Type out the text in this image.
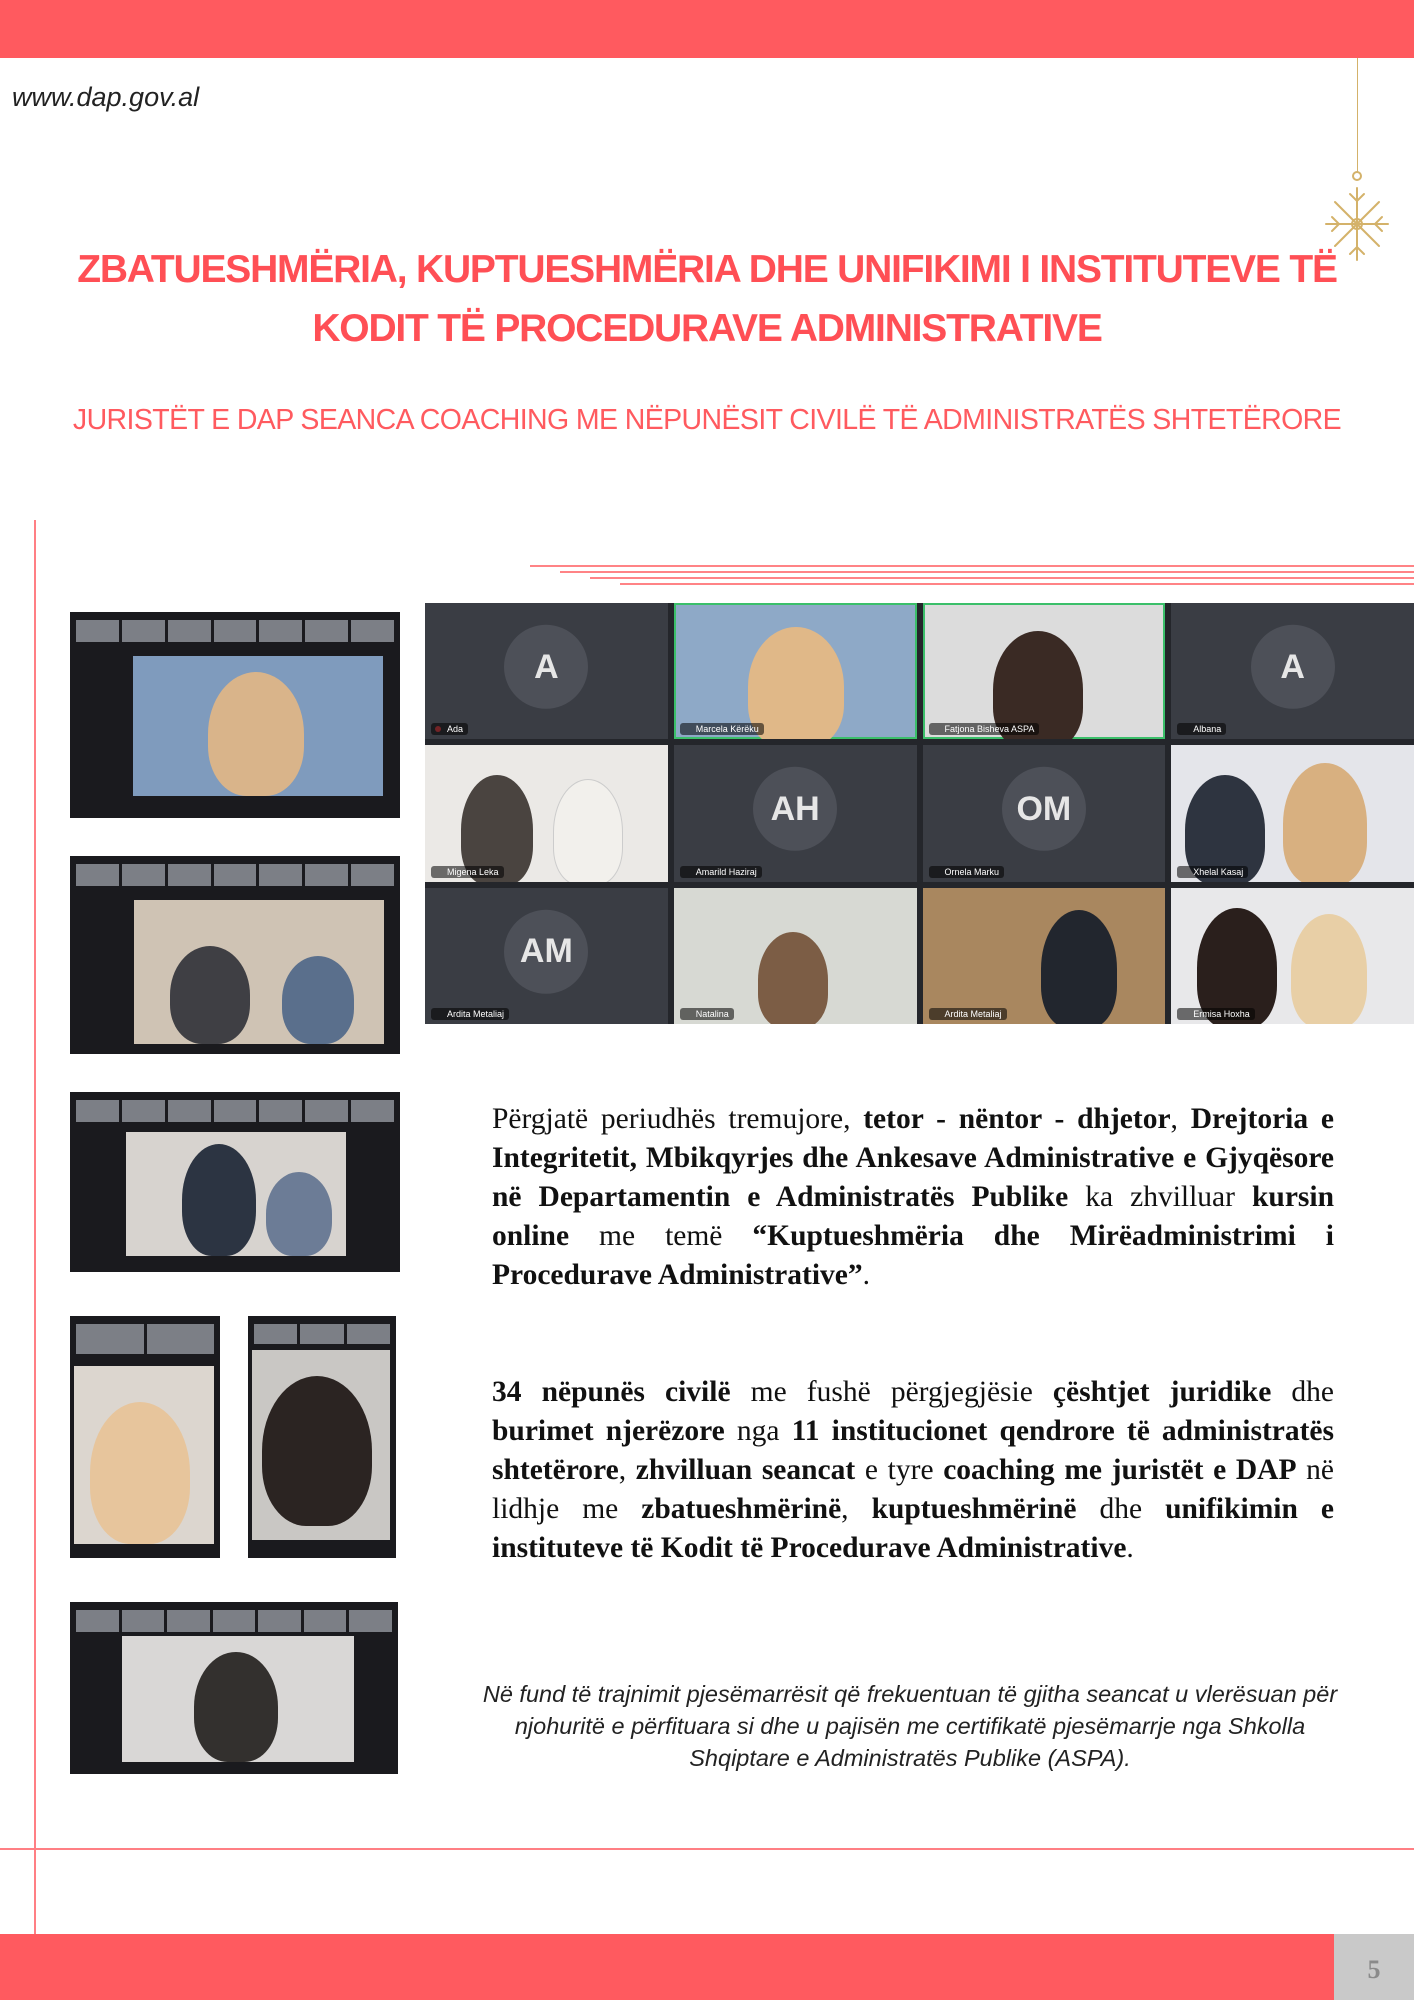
www.dap.gov.al
ZBATUESHMËRIA, KUPTUESHMËRIA DHE UNIFIKIMI I INSTITUTEVE TË KODIT TË PROCEDURAVE ADMINISTRATIVE
JURISTËT E DAP SEANCA COACHING ME NËPUNËSIT CIVILË TË ADMINISTRATËS SHTETËRORE
A
Ada	Marcela Kërëku	Fatjona Bisheva ASPA
A
Albana
Migena Leka
AH
Amarild Haziraj
OM
Ornela Marku	Xhelal Kasaj
AM
Ardita Metaliaj	Natalina	Ardita Metaliaj	Ermisa Hoxha

Përgjatë periudhës tremujore, tetor - nëntor - dhjetor, Drejtoria e Integritetit, Mbikqyrjes dhe Ankesave Administrative e Gjyqësore në Departamentin e Administratës Publike ka zhvilluar kursin online me temë “Kuptueshmëria dhe Mirëadministrimi i Procedurave Administrative”.

34 nëpunës civilë me fushë përgjegjësie çështjet juridike dhe burimet njerëzore nga 11 institucionet qendrore të administratës shtetërore, zhvilluan seancat e tyre coaching me juristët e DAP në lidhje me zbatueshmërinë, kuptueshmërinë dhe unifikimin e instituteve të Kodit të Procedurave Administrative.

Në fund të trajnimit pjesëmarrësit që frekuentuan të gjitha seancat u vlerësuan për njohuritë e përfituara si dhe u pajisën me certifikatë pjesëmarrje nga Shkolla Shqiptare e Administratës Publike (ASPA).

5
